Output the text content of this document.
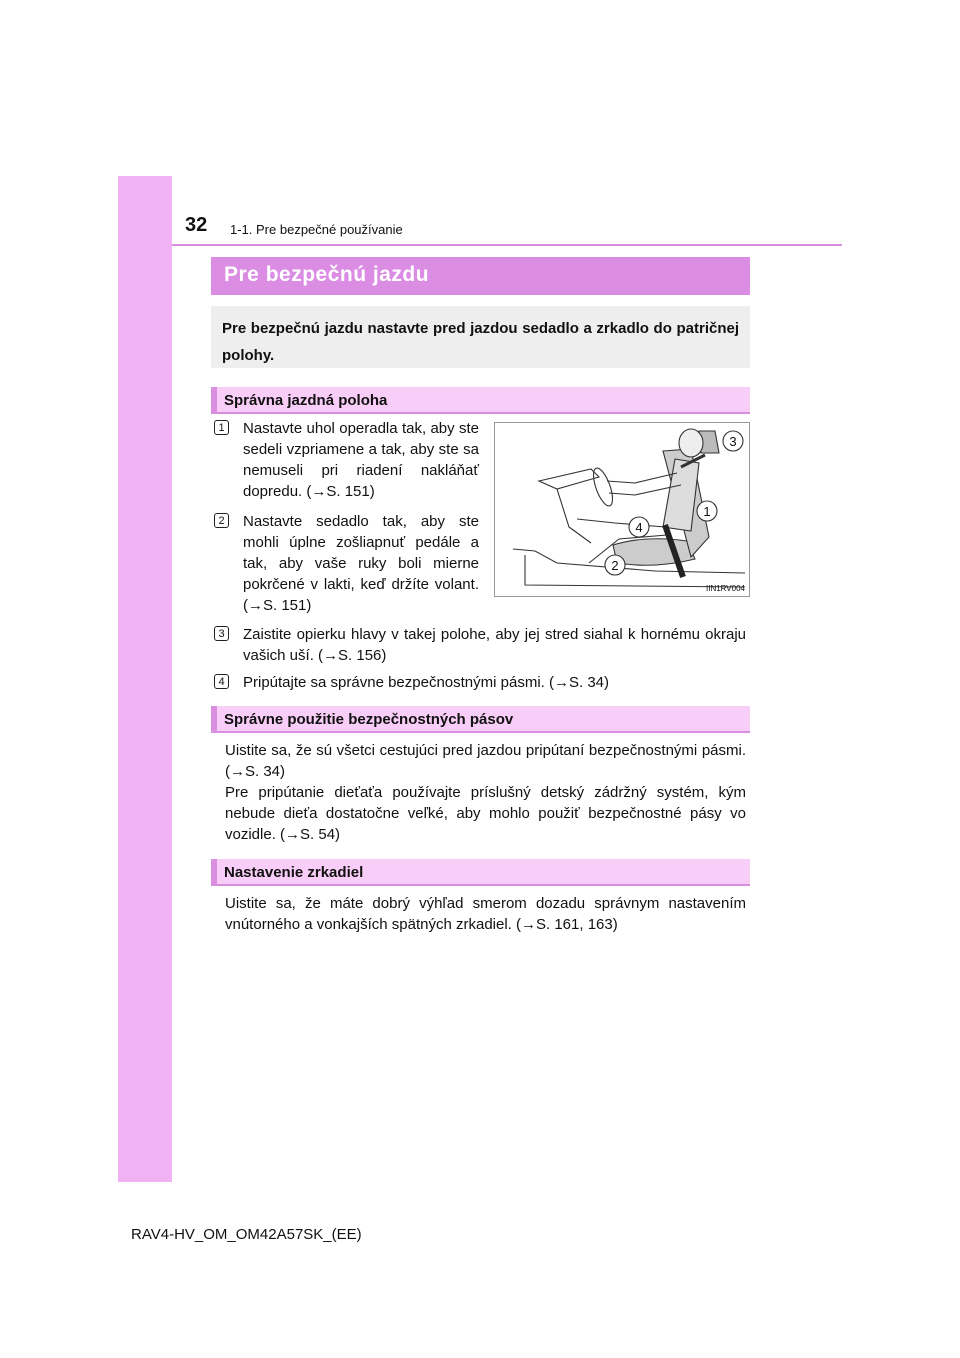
32 1-1. Pre bezpečné používanie
Pre bezpečnú jazdu
Pre bezpečnú jazdu nastavte pred jazdou sedadlo a zrkadlo do patričnej polohy.
Správna jazdná poloha
1 Nastavte uhol operadla tak, aby ste sedeli vzpriamene a tak, aby ste sa nemuseli pri riadení nakláňať dopredu. (→S. 151)
2 Nastavte sedadlo tak, aby ste mohli úplne zošliapnuť pedále a tak, aby vaše ruky boli mierne pokrčené v lakti, keď držíte volant. (→S. 151)
3
1
4
2
IIN1RV004
3 Zaistite opierku hlavy v takej polohe, aby jej stred siahal k hornému okraju vašich uší. (→S. 156)
4 Pripútajte sa správne bezpečnostnými pásmi. (→S. 34)
Správne použitie bezpečnostných pásov
Uistite sa, že sú všetci cestujúci pred jazdou pripútaní bezpečnostnými pásmi. (→S. 34)
Pre pripútanie dieťaťa používajte príslušný detský zádržný systém, kým nebude dieťa dostatočne veľké, aby mohlo použiť bezpečnostné pásy vo vozidle. (→S. 54)
Nastavenie zrkadiel
Uistite sa, že máte dobrý výhľad smerom dozadu správnym nastavením vnútorného a vonkajších spätných zrkadiel. (→S. 161, 163)
RAV4-HV_OM_OM42A57SK_(EE)
